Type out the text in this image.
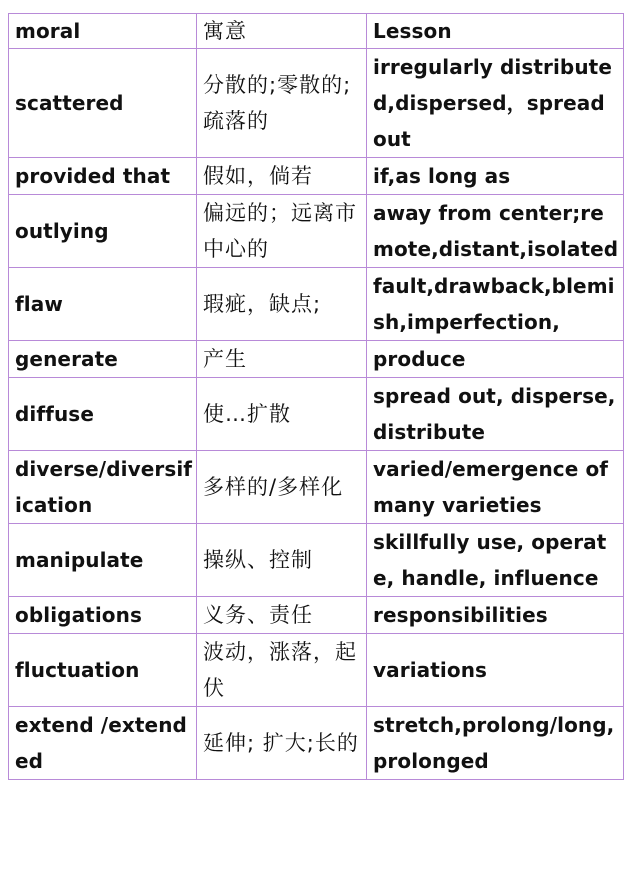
moral	寓意	Lesson
scattered	分散的;零散的;疏落的	irregularly distributed,dispersed，spread out
provided that	假如，倘若	if,as long as
outlying	偏远的；远离市中心的	away from center;remote,distant,isolated
flaw	瑕疵，缺点;	fault,drawback,blemish,imperfection,
generate	产生	produce
diffuse	使…扩散	spread out, disperse, distribute
diverse/diversification	多样的/多样化	varied/emergence of many varieties
manipulate	操纵、控制	skillfully use, operate, handle, influence
obligations	义务、责任	responsibilities
fluctuation	波动，涨落，起伏	variations
extend /extended	延伸; 扩大;长的	stretch,prolong/long, prolonged
